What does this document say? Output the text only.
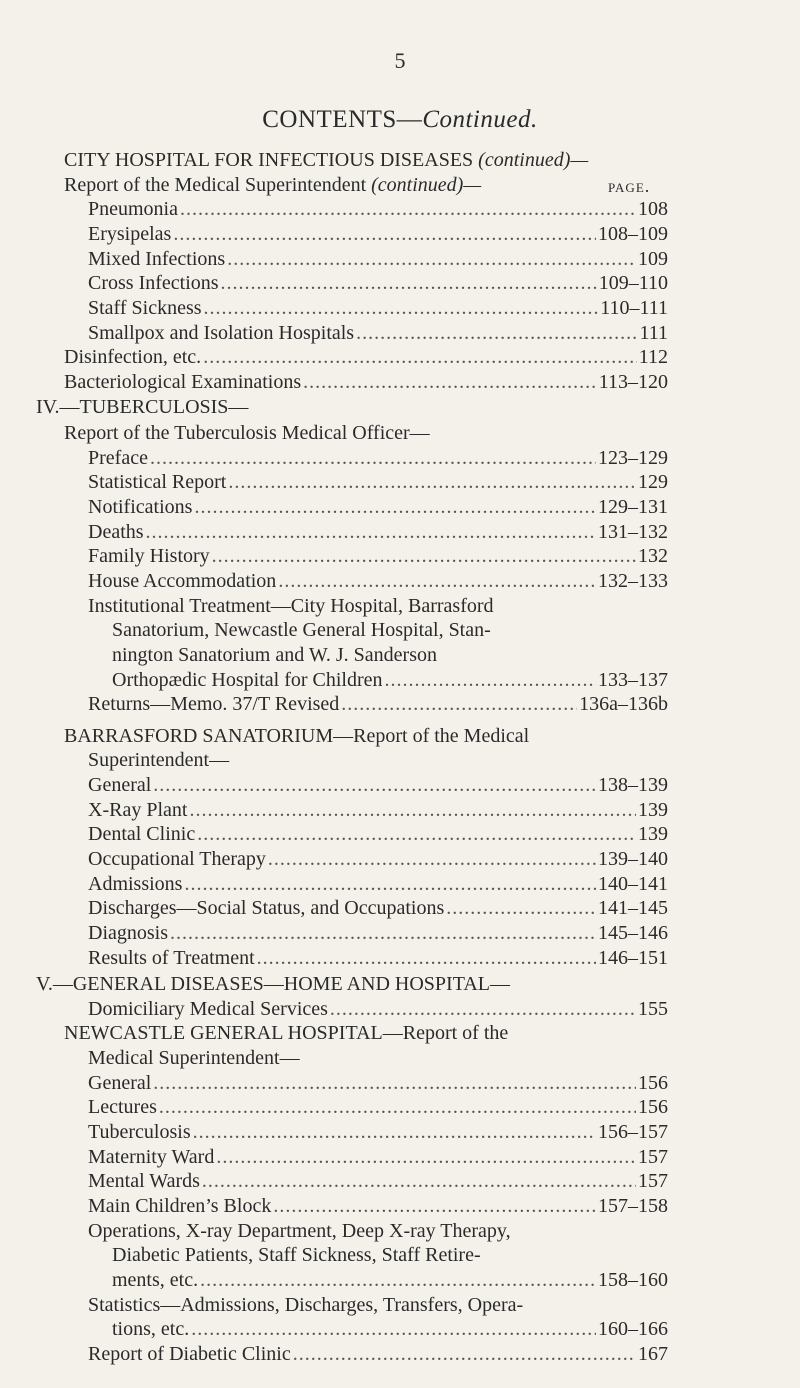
5
CONTENTS—Continued.
CITY HOSPITAL FOR INFECTIOUS DISEASES (continued)—
Report of the Medical Superintendent (continued)—	page.
Pneumonia .....	108
Erysipelas .....	108–109
Mixed Infections .....	109
Cross Infections .....	109–110
Staff Sickness .....	110–111
Smallpox and Isolation Hospitals .....	111
Disinfection, etc. .....	112
Bacteriological Examinations .....	113–120
IV.—TUBERCULOSIS—
Report of the Tuberculosis Medical Officer—
Preface .....	123–129
Statistical Report .....	129
Notifications .....	129–131
Deaths .....	131–132
Family History .....	132
House Accommodation .....	132–133
Institutional Treatment—City Hospital, Barrasford
Sanatorium, Newcastle General Hospital, Stan-
nington Sanatorium and W. J. Sanderson
Orthopædic Hospital for Children .....	133–137
Returns—Memo. 37/T Revised .....	136a–136b
BARRASFORD SANATORIUM—Report of the Medical
Superintendent—
General .....	138–139
X-Ray Plant .....	139
Dental Clinic .....	139
Occupational Therapy .....	139–140
Admissions .....	140–141
Discharges—Social Status, and Occupations .....	141–145
Diagnosis .....	145–146
Results of Treatment .....	146–151
V.—GENERAL DISEASES—HOME AND HOSPITAL—
Domiciliary Medical Services .....	155
NEWCASTLE GENERAL HOSPITAL—Report of the
Medical Superintendent—
General .....	156
Lectures .....	156
Tuberculosis .....	156–157
Maternity Ward .....	157
Mental Wards .....	157
Main Children’s Block .....	157–158
Operations, X-ray Department, Deep X-ray Therapy,
Diabetic Patients, Staff Sickness, Staff Retire-
ments, etc. .....	158–160
Statistics—Admissions, Discharges, Transfers, Opera-
tions, etc. .....	160–166
Report of Diabetic Clinic .....	167
